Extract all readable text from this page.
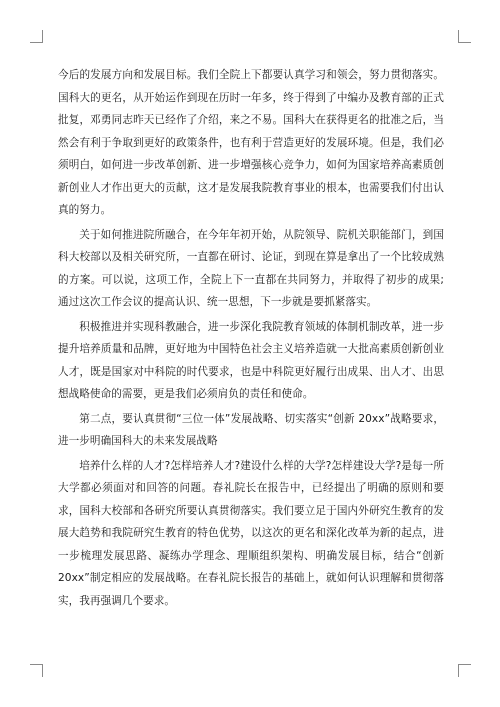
今后的发展方向和发展目标。我们全院上下都要认真学习和领会，努力贯彻落实。国科大的更名，从开始运作到现在历时一年多，终于得到了中编办及教育部的正式批复，邓勇同志昨天已经作了介绍，来之不易。国科大在获得更名的批准之后，当然会有利于争取到更好的政策条件，也有利于营造更好的发展环境。但是，我们必须明白，如何进一步改革创新、进一步增强核心竞争力，如何为国家培养高素质创新创业人才作出更大的贡献，这才是发展我院教育事业的根本，也需要我们付出认真的努力。

关于如何推进院所融合，在今年年初开始，从院领导、院机关职能部门，到国科大校部以及相关研究所，一直都在研讨、论证，到现在算是拿出了一个比较成熟的方案。可以说，这项工作，全院上下一直都在共同努力，并取得了初步的成果;通过这次工作会议的提高认识、统一思想，下一步就是要抓紧落实。

积极推进并实现科教融合，进一步深化我院教育领域的体制机制改革，进一步提升培养质量和品牌，更好地为中国特色社会主义培养造就一大批高素质创新创业人才，既是国家对中科院的时代要求，也是中科院更好履行出成果、出人才、出思想战略使命的需要，更是我们必须肩负的责任和使命。

第二点，要认真贯彻“三位一体”发展战略、切实落实“创新 20xx”战略要求，进一步明确国科大的未来发展战略

培养什么样的人才?怎样培养人才?建设什么样的大学?怎样建设大学?是每一所大学都必须面对和回答的问题。春礼院长在报告中，已经提出了明确的原则和要求，国科大校部和各研究所要认真贯彻落实。我们要立足于国内外研究生教育的发展大趋势和我院研究生教育的特色优势，以这次的更名和深化改革为新的起点，进一步梳理发展思路、凝练办学理念、理顺组织架构、明确发展目标，结合“创新 20xx”制定相应的发展战略。在春礼院长报告的基础上，就如何认识理解和贯彻落实，我再强调几个要求。
